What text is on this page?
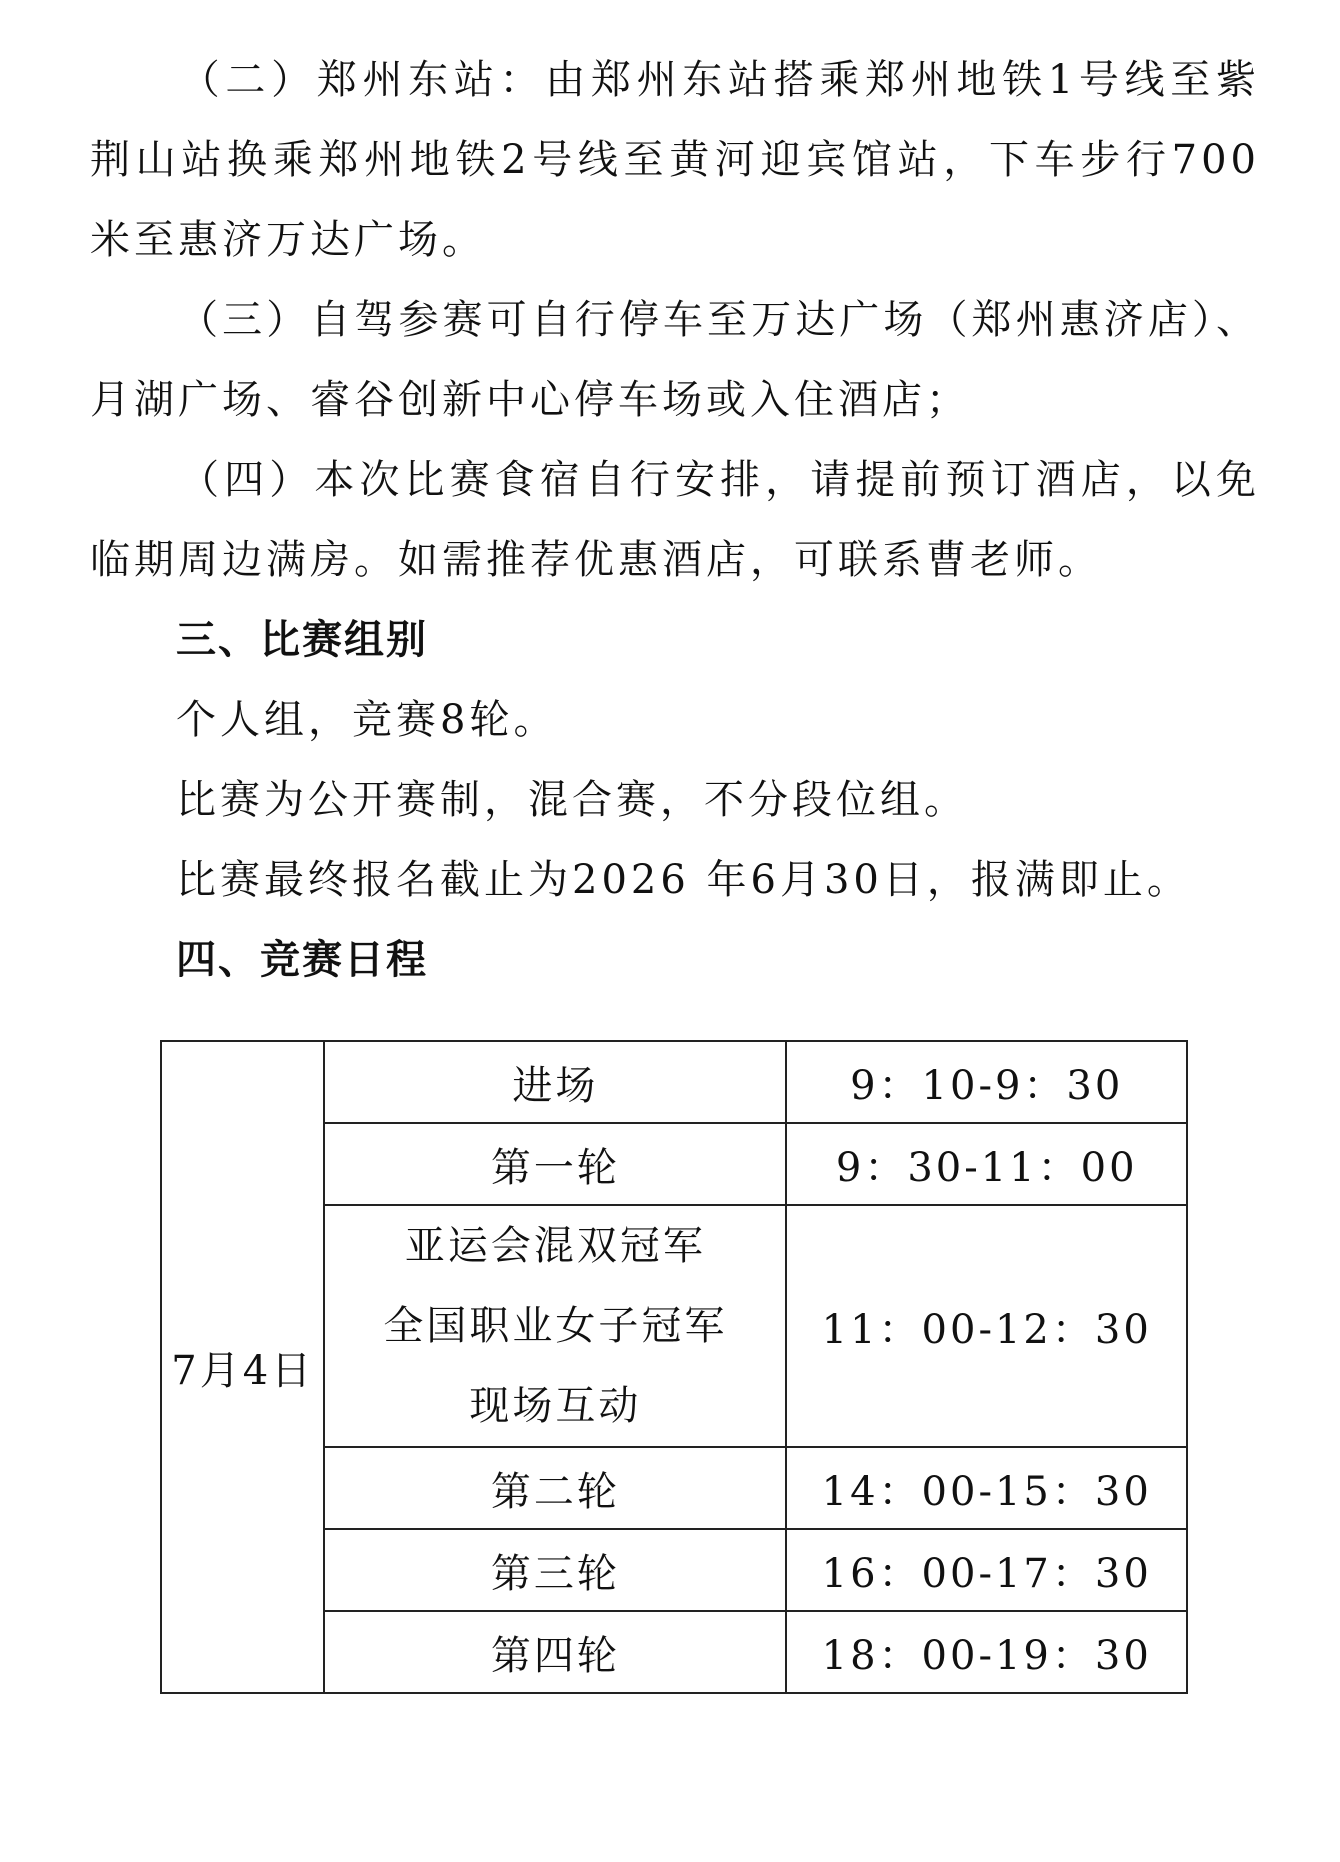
（二）郑州东站：由郑州东站搭乘郑州地铁1号线至紫荆山站换乘郑州地铁2号线至黄河迎宾馆站，下车步行700米至惠济万达广场。

（三）自驾参赛可自行停车至万达广场（郑州惠济店）、月湖广场、睿谷创新中心停车场或入住酒店；

（四）本次比赛食宿自行安排，请提前预订酒店，以免临期周边满房。如需推荐优惠酒店，可联系曹老师。

三、比赛组别

个人组，竞赛8轮。

比赛为公开赛制，混合赛，不分段位组。

比赛最终报名截止为2026 年6月30日，报满即止。

四、竞赛日程
7月4日	进场	9：10-9：30
	第一轮	9：30-11：00

	亚运会混双冠军
全国职业女子冠军
现场互动	11：00-12：30
	第二轮	14：00-15：30
	第三轮	16：00-17：30
	第四轮	18：00-19：30
